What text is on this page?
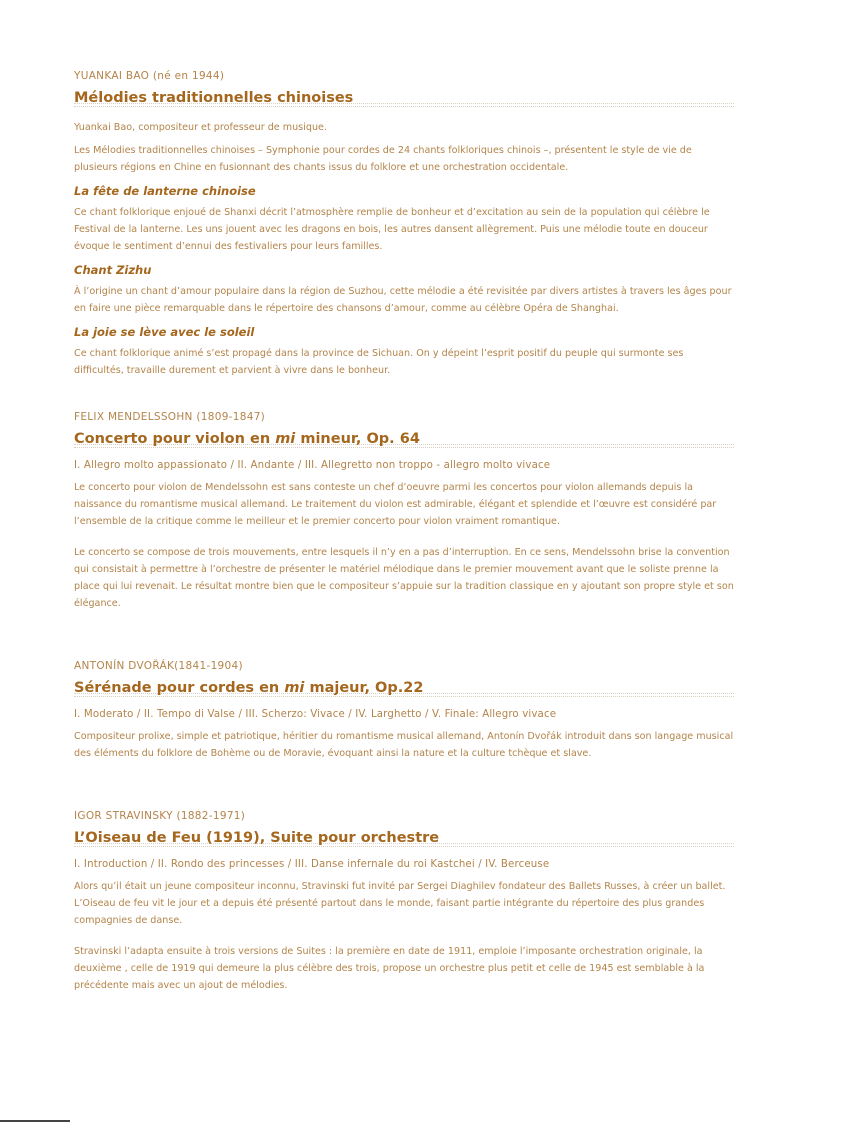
YUANKAI BAO (né en 1944)
Mélodies traditionnelles chinoises

Yuankai Bao, compositeur et professeur de musique.

Les Mélodies traditionnelles chinoises – Symphonie pour cordes de 24 chants folkloriques chinois –, présentent le style de vie de plusieurs régions en Chine en fusionnant des chants issus du folklore et une orchestration occidentale.

La fête de lanterne chinoise

Ce chant folklorique enjoué de Shanxi décrit l’atmosphère remplie de bonheur et d’excitation au sein de la population qui célèbre le Festival de la lanterne. Les uns jouent avec les dragons en bois, les autres dansent allègrement. Puis une mélodie toute en douceur évoque le sentiment d’ennui des festivaliers pour leurs familles.

Chant Zizhu

À l’origine un chant d’amour populaire dans la région de Suzhou, cette mélodie a été revisitée par divers artistes à travers les âges pour en faire une pièce remarquable dans le répertoire des chansons d’amour, comme au célèbre Opéra de Shanghai.

La joie se lève avec le soleil

Ce chant folklorique animé s’est propagé dans la province de Sichuan. On y dépeint l’esprit positif du peuple qui surmonte ses difficultés, travaille durement et parvient à vivre dans le bonheur.

FELIX MENDELSSOHN (1809-1847)
Concerto pour violon en mi mineur, Op. 64
I. Allegro molto appassionato / II. Andante / III. Allegretto non troppo - allegro molto vivace

Le concerto pour violon de Mendelssohn est sans conteste un chef d’oeuvre parmi les concertos pour violon allemands depuis la naissance du romantisme musical allemand. Le traitement du violon est admirable, élégant et splendide et l’œuvre est considéré par l’ensemble de la critique comme le meilleur et le premier concerto pour violon vraiment romantique.

Le concerto se compose de trois mouvements, entre lesquels il n’y en a pas d’interruption. En ce sens, Mendelssohn brise la convention qui consistait à permettre à l’orchestre de présenter le matériel mélodique dans le premier mouvement avant que le soliste prenne la place qui lui revenait. Le résultat montre bien que le compositeur s’appuie sur la tradition classique en y ajoutant son propre style et son élégance.

ANTONÍN DVOŘÁK(1841-1904)
Sérénade pour cordes en mi majeur, Op.22
I. Moderato / II. Tempo di Valse / III. Scherzo: Vivace / IV. Larghetto / V. Finale: Allegro vivace

Compositeur prolixe, simple et patriotique, héritier du romantisme musical allemand, Antonín Dvořák introduit dans son langage musical des éléments du folklore de Bohème ou de Moravie, évoquant ainsi la nature et la culture tchèque et slave.

IGOR STRAVINSKY (1882-1971)
L’Oiseau de Feu (1919), Suite pour orchestre
I. Introduction / II. Rondo des princesses / III. Danse infernale du roi Kastchei / IV. Berceuse

Alors qu’il était un jeune compositeur inconnu, Stravinski fut invité par Sergei Diaghilev fondateur des Ballets Russes, à créer un ballet. L’Oiseau de feu vit le jour et a depuis été présenté partout dans le monde, faisant partie intégrante du répertoire des plus grandes compagnies de danse.

Stravinski l’adapta ensuite à trois versions de Suites : la première en date de 1911, emploie l’imposante orchestration originale, la deuxième , celle de 1919 qui demeure la plus célèbre des trois, propose un orchestre plus petit et celle de 1945 est semblable à la précédente mais avec un ajout de mélodies.
